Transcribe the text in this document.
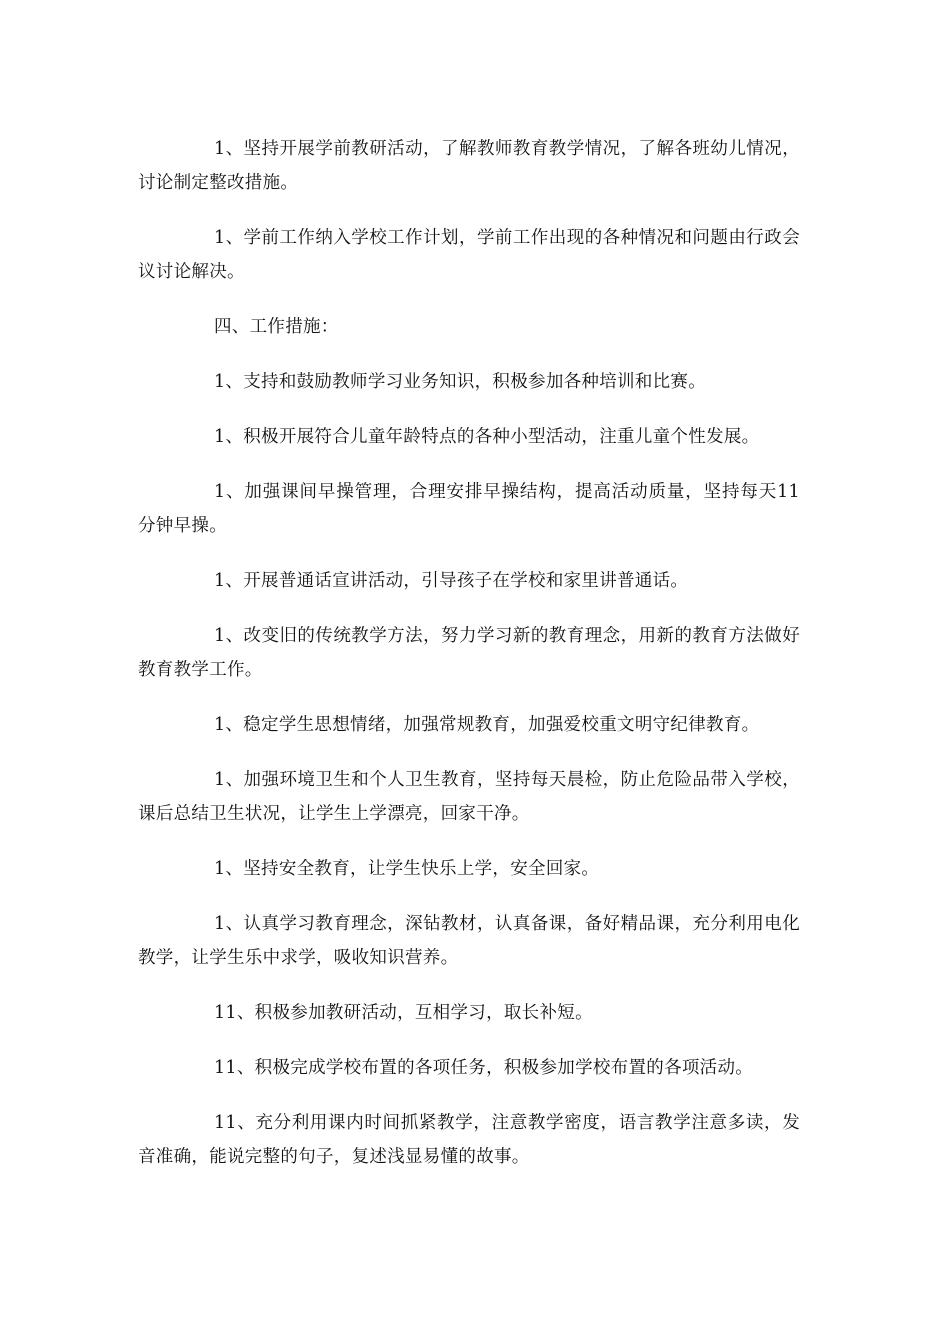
1、坚持开展学前教研活动，了解教师教育教学情况，了解各班幼儿情况，讨论制定整改措施。

1、学前工作纳入学校工作计划，学前工作出现的各种情况和问题由行政会议讨论解决。

四、工作措施：

1、支持和鼓励教师学习业务知识，积极参加各种培训和比赛。

1、积极开展符合儿童年龄特点的各种小型活动，注重儿童个性发展。

1、加强课间早操管理，合理安排早操结构，提高活动质量，坚持每天11分钟早操。

1、开展普通话宣讲活动，引导孩子在学校和家里讲普通话。

1、改变旧的传统教学方法，努力学习新的教育理念，用新的教育方法做好教育教学工作。

1、稳定学生思想情绪，加强常规教育，加强爱校重文明守纪律教育。

1、加强环境卫生和个人卫生教育，坚持每天晨检，防止危险品带入学校，课后总结卫生状况，让学生上学漂亮，回家干净。

1、坚持安全教育，让学生快乐上学，安全回家。

1、认真学习教育理念，深钻教材，认真备课，备好精品课，充分利用电化教学，让学生乐中求学，吸收知识营养。

11、积极参加教研活动，互相学习，取长补短。

11、积极完成学校布置的各项任务，积极参加学校布置的各项活动。

11、充分利用课内时间抓紧教学，注意教学密度，语言教学注意多读，发音准确，能说完整的句子，复述浅显易懂的故事。
